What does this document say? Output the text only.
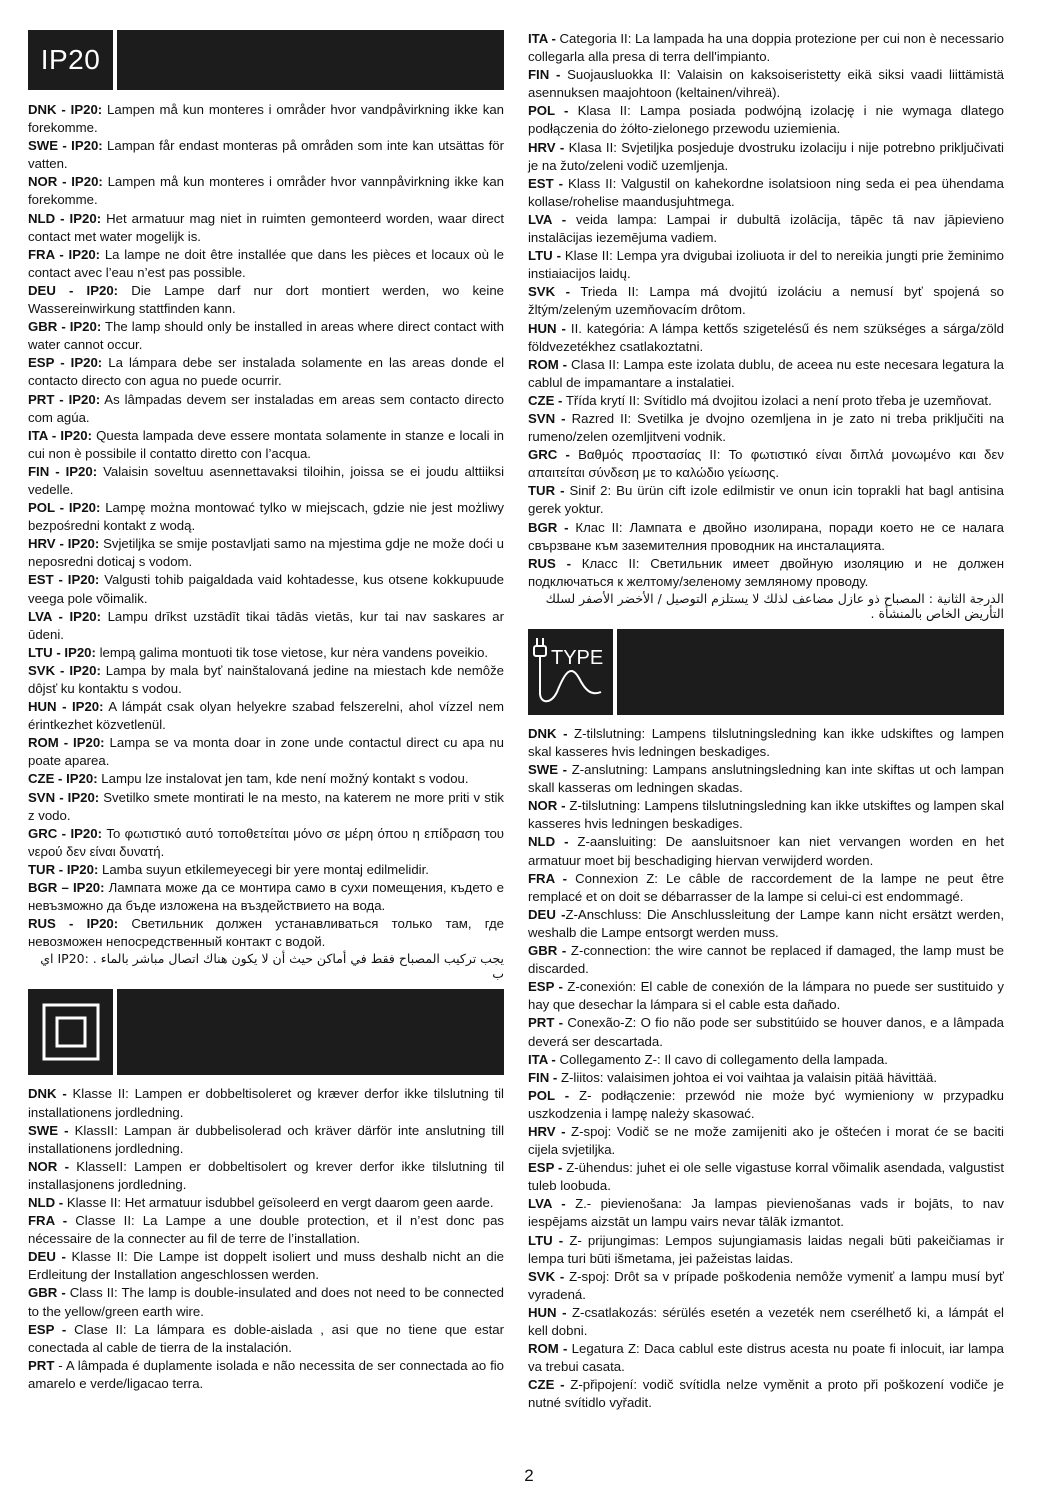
IP20

DNK - IP20: Lampen må kun monteres i områder hvor vandpåvirkning ikke kan forekomme.

SWE - IP20: Lampan får endast monteras på områden som inte kan utsättas för vatten.

NOR - IP20: Lampen må kun monteres i områder hvor vannpåvirkning ikke kan forekomme.

NLD - IP20: Het armatuur mag niet in ruimten gemonteerd worden, waar direct contact met water mogelijk is.

FRA - IP20: La lampe ne doit être installée que dans les pièces et locaux où le contact avec l’eau n’est pas possible.

DEU - IP20: Die Lampe darf nur dort montiert werden, wo keine Wassereinwirkung stattfinden kann.

GBR - IP20: The lamp should only be installed in areas where direct contact with water cannot occur.

ESP - IP20: La lámpara debe ser instalada solamente en las areas donde el contacto directo con agua no puede ocurrir.

PRT - IP20: As lâmpadas devem ser instaladas em areas sem contacto directo com agúa.

ITA - IP20: Questa lampada deve essere montata solamente in stanze e locali in cui non è possibile il contatto diretto con l’acqua.

FIN - IP20: Valaisin soveltuu asennettavaksi tiloihin, joissa se ei joudu alttiiksi vedelle.

POL - IP20: Lampę można montować tylko w miejscach, gdzie nie jest możliwy bezpośredni kontakt z wodą.

HRV - IP20: Svjetiljka se smije postavljati samo na mjestima gdje ne može doći u neposredni doticaj s vodom.

EST - IP20: Valgusti tohib paigaldada vaid kohtadesse, kus otsene kokkupuude veega pole võimalik.

LVA - IP20: Lampu drīkst uzstādīt tikai tādās vietās, kur tai nav saskares ar ūdeni.

LTU - IP20: lempą galima montuoti tik tose vietose, kur nėra vandens poveikio.

SVK - IP20: Lampa by mala byť nainštalovaná jedine na miestach kde nemôže dôjsť ku kontaktu s vodou.

HUN - IP20: A lámpát csak olyan helyekre szabad felszerelni, ahol vízzel nem érintkezhet közvetlenül.

ROM - IP20: Lampa se va monta doar in zone unde contactul direct cu apa nu poate aparea.

CZE - IP20: Lampu lze instalovat jen tam, kde není možný kontakt s vodou.

SVN - IP20: Svetilko smete montirati le na mesto, na katerem ne more priti v stik z vodo.

GRC - IP20: Το φωτιστικό αυτό τοποθετείται μόνο σε μέρη όπου η επίδραση του νερού δεν είναι δυνατή.

TUR - IP20: Lamba suyun etkilemeyecegi bir yere montaj edilmelidir.

BGR – IP20: Лампата може да се монтира само в сухи помещения, където е невъзможно да бъде изложена на въздействието на вода.

RUS - IP20: Светильник должен устанавливаться только там, где невозможен непосредственный контакт с водой.

يجب تركيب المصباح فقط في أماكن حيث أن لا يكون هناك اتصال مباشر بالماء . :IP20 اي ب

DNK - Klasse II: Lampen er dobbeltisoleret og kræver derfor ikke tilslutning til installationens jordledning.

SWE - KlassII: Lampan är dubbelisolerad och kräver därför inte anslutning till installationens jordledning.

NOR - KlasseII: Lampen er dobbeltisolert og krever derfor ikke tilslutning til installasjonens jordledning.

NLD - Klasse II: Het armatuur isdubbel geïsoleerd en vergt daarom geen aarde.

FRA - Classe II: La Lampe a une double protection, et il n’est donc pas nécessaire de la connecter au fil de terre de l’installation.

DEU - Klasse II: Die Lampe ist doppelt isoliert und muss deshalb nicht an die Erdleitung der Installation angeschlossen werden.

GBR - Class II: The lamp is double-insulated and does not need to be connected to the yellow/green earth wire.

ESP - Clase II: La lámpara es doble-aislada , asi que no tiene que estar conectada al cable de tierra de la instalación.

PRT - A lâmpada é duplamente isolada e não necessita de ser connectada ao fio amarelo e verde/ligacao terra.

ITA - Categoria II: La lampada ha una doppia protezione per cui non è necessario collegarla alla presa di terra dell'impianto.

FIN - Suojausluokka II: Valaisin on kaksoiseristetty eikä siksi vaadi liittämistä asennuksen maajohtoon (keltainen/vihreä).

POL - Klasa II: Lampa posiada podwójną izolację i nie wymaga dlatego podłączenia do żółto-zielonego przewodu uziemienia.

HRV - Klasa II: Svjetiljka posjeduje dvostruku izolaciju i nije potrebno priključivati je na žuto/zeleni vodič uzemljenja.

EST - Klass II: Valgustil on kahekordne isolatsioon ning seda ei pea ühendama kollase/rohelise maandusjuhtmega.

LVA - veida lampa: Lampai ir dubultā izolācija, tāpēc tā nav jāpievieno instalācijas iezemējuma vadiem.

LTU - Klase II: Lempa yra dvigubai izoliuota ir del to nereikia jungti prie žeminimo instiaiacijos laidų.

SVK - Trieda II: Lampa má dvojitú izoláciu a nemusí byť spojená so žltým/zeleným uzemňovacím drôtom.

HUN - II. kategória: A lámpa kettős szigetelésű és nem szükséges a sárga/zöld földvezetékhez csatlakoztatni.

ROM - Clasa II: Lampa este izolata dublu, de aceea nu este necesara legatura la cablul de impamantare a instalatiei.

CZE - Třída krytí II: Svítidlo má dvojitou izolaci a není proto třeba je uzemňovat.

SVN - Razred II: Svetilka je dvojno ozemljena in je zato ni treba priključiti na rumeno/zelen ozemljitveni vodnik.

GRC - Βαθμός προστασίας II: Το φωτιστικό είναι διπλά μονωμένο και δεν απαιτείται σύνδεση με το καλώδιο γείωσης.

TUR - Sinif 2: Bu ürün cift izole edilmistir ve onun icin toprakli hat bagl antisina gerek yoktur.

BGR - Клас II: Лампата е двойно изолирана, поради което не се налага свързване към заземителния проводник на инсталацията.

RUS - Класс II: Светильник имеет двойную изоляцию и не должен подключаться к желтому/зеленому земляному проводу.

الدرجة الثانية : المصباح ذو عازل مضاعف لذلك لا يستلزم التوصيل / الأخضر الأصفر لسلك التأريض الخاص بالمنشأة .

TYPE

DNK - Z-tilslutning: Lampens tilslutningsledning kan ikke udskiftes og lampen skal kasseres hvis ledningen beskadiges.

SWE - Z-anslutning: Lampans anslutningsledning kan inte skiftas ut och lampan skall kasseras om ledningen skadas.

NOR - Z-tilslutning: Lampens tilslutningsledning kan ikke utskiftes og lampen skal kasseres hvis ledningen beskadiges.

NLD - Z-aansluiting: De aansluitsnoer kan niet vervangen worden en het armatuur moet bij beschadiging hiervan verwijderd worden.

FRA - Connexion Z: Le câble de raccordement de la lampe ne peut être remplacé et on doit se débarrasser de la lampe si celui-ci est endommagé.

DEU -Z-Anschluss: Die Anschlussleitung der Lampe kann nicht ersätzt werden, weshalb die Lampe entsorgt werden muss.

GBR - Z-connection: the wire cannot be replaced if damaged, the lamp must be discarded.

ESP - Z-conexión: El cable de conexión de la lámpara no puede ser sustituido y hay que desechar la lámpara si el cable esta dañado.

PRT - Conexão-Z: O fio não pode ser substitúido se houver danos, e a lâmpada deverá ser descartada.

ITA - Collegamento Z-: Il cavo di collegamento della lampada.

FIN - Z-liitos: valaisimen johtoa ei voi vaihtaa ja valaisin pitää hävittää.

POL - Z- podłączenie: przewód nie może być wymieniony w przypadku uszkodzenia i lampę należy skasować.

HRV - Z-spoj: Vodič se ne može zamijeniti ako je oštećen i morat će se baciti cijela svjetiljka.

ESP - Z-ühendus: juhet ei ole selle vigastuse korral võimalik asendada, valgustist tuleb loobuda.

LVA - Z.- pievienošana: Ja lampas pievienošanas vads ir bojāts, to nav iespējams aizstāt un lampu vairs nevar tālāk izmantot.

LTU - Z- prijungimas: Lempos sujungiamasis laidas negali būti pakeičiamas ir lempa turi būti išmetama, jei pažeistas laidas.

SVK - Z-spoj: Drôt sa v prípade poškodenia nemôže vymeniť a lampu musí byť vyradená.

HUN - Z-csatlakozás: sérülés esetén a vezeték nem cserélhető ki, a lámpát el kell dobni.

ROM - Legatura Z: Daca cablul este distrus acesta nu poate fi inlocuit, iar lampa va trebui casata.

CZE - Z-připojení: vodič svítidla nelze vyměnit a proto při poškození vodiče je nutné svítidlo vyřadit.

2
